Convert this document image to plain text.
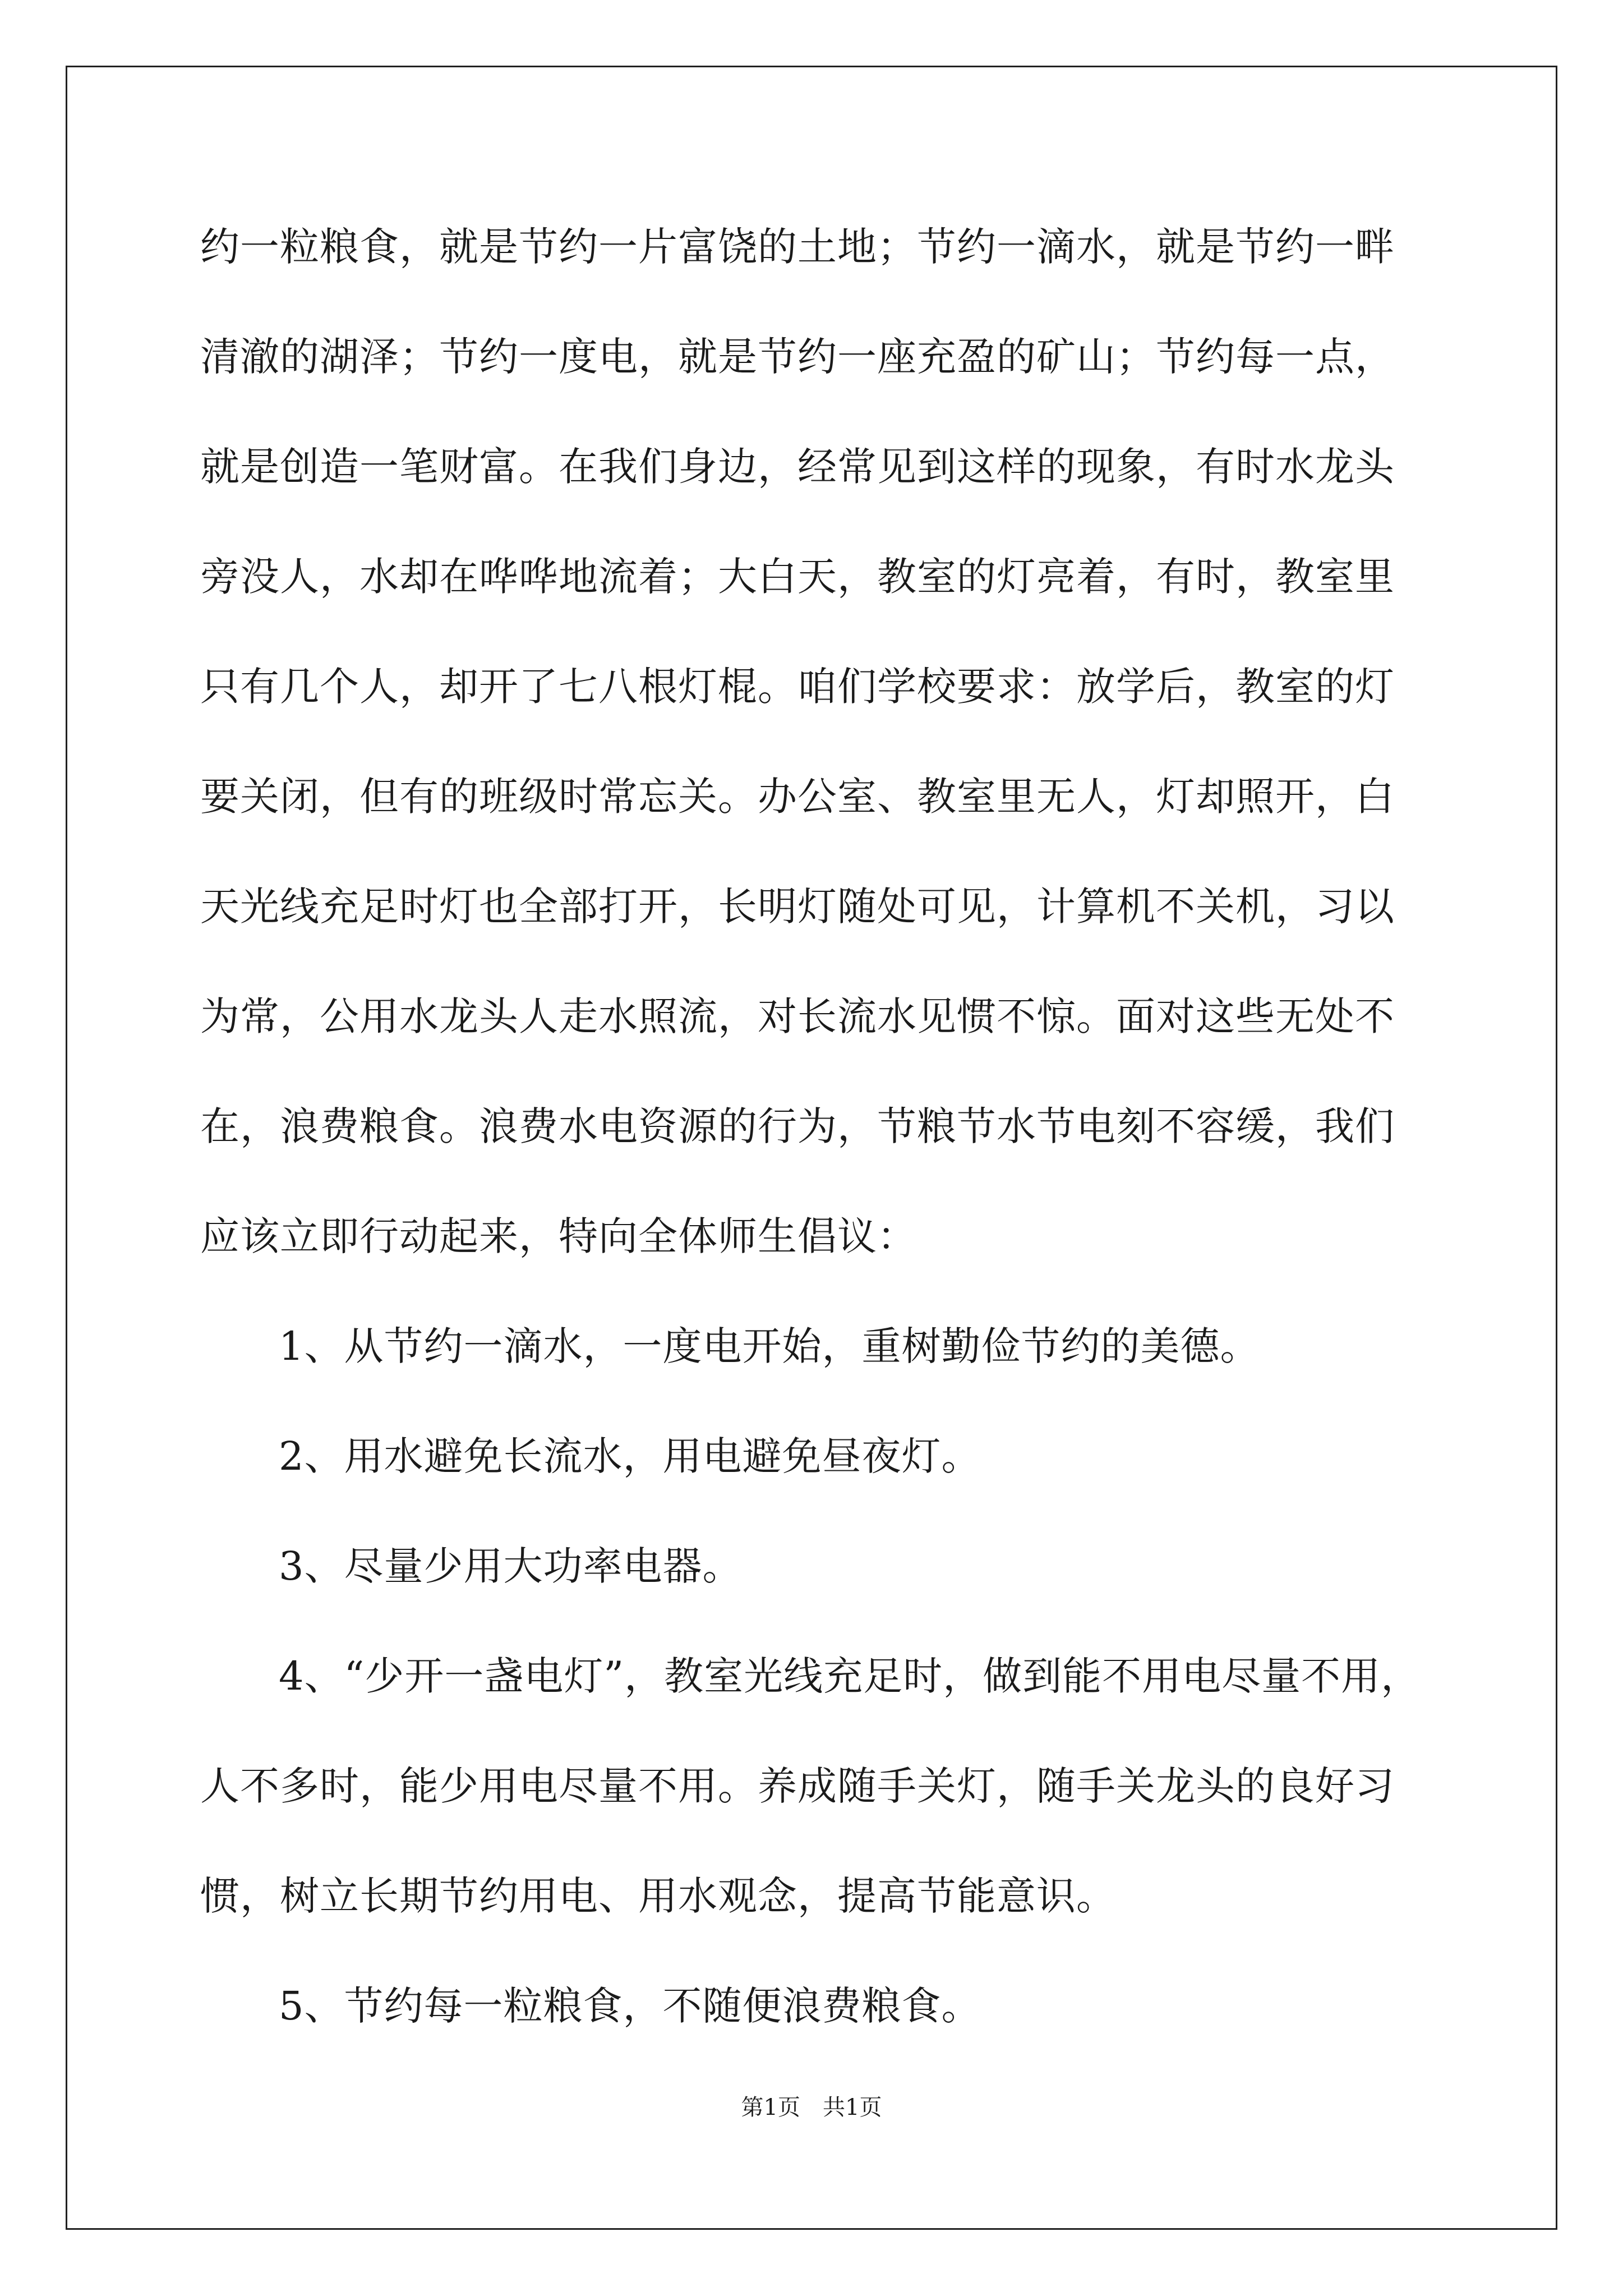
约一粒粮食，就是节约一片富饶的土地；节约一滴水，就是节约一畔
清澈的湖泽；节约一度电，就是节约一座充盈的矿山；节约每一点，
就是创造一笔财富。在我们身边，经常见到这样的现象，有时水龙头
旁没人，水却在哗哗地流着；大白天，教室的灯亮着，有时，教室里
只有几个人，却开了七八根灯棍。咱们学校要求：放学后，教室的灯
要关闭，但有的班级时常忘关。办公室、教室里无人，灯却照开，白
天光线充足时灯也全部打开，长明灯随处可见，计算机不关机，习以
为常，公用水龙头人走水照流，对长流水见惯不惊。面对这些无处不
在，浪费粮食。浪费水电资源的行为，节粮节水节电刻不容缓，我们
应该立即行动起来，特向全体师生倡议：
1、从节约一滴水，一度电开始，重树勤俭节约的美德。
2、用水避免长流水，用电避免昼夜灯。
3、尽量少用大功率电器。
4、“少开一盏电灯”，教室光线充足时，做到能不用电尽量不用，
人不多时，能少用电尽量不用。养成随手关灯，随手关龙头的良好习
惯，树立长期节约用电、用水观念，提高节能意识。
5、节约每一粒粮食，不随便浪费粮食。
第1页 共1页
